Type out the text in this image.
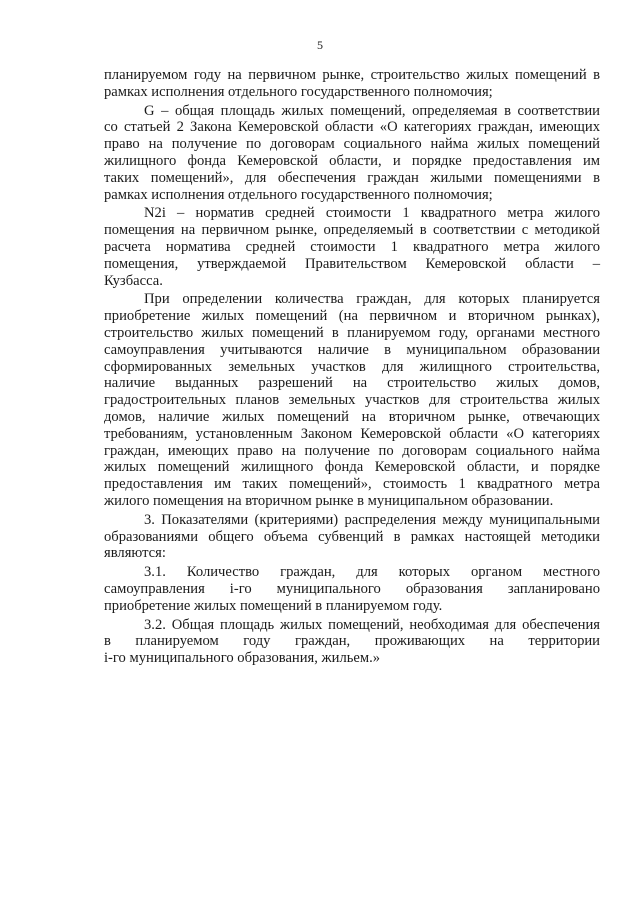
5

планируемом году на первичном рынке, строительство жилых помещений в
рамках исполнения отдельного государственного полномочия;

G – общая площадь жилых помещений, определяемая в соответствии
со статьей 2 Закона Кемеровской области «О категориях граждан, имеющих
право на получение по договорам социального найма жилых помещений
жилищного фонда Кемеровской области, и порядке предоставления им
таких помещений», для обеспечения граждан жилыми помещениями в
рамках исполнения отдельного государственного полномочия;

N2i – норматив средней стоимости 1 квадратного метра жилого
помещения на первичном рынке, определяемый в соответствии с методикой
расчета норматива средней стоимости 1 квадратного метра жилого
помещения, утверждаемой Правительством Кемеровской области –
Кузбасса.

При определении количества граждан, для которых планируется
приобретение жилых помещений (на первичном и вторичном рынках),
строительство жилых помещений в планируемом году, органами местного
самоуправления учитываются наличие в муниципальном образовании
сформированных земельных участков для жилищного строительства,
наличие выданных разрешений на строительство жилых домов,
градостроительных планов земельных участков для строительства жилых
домов, наличие жилых помещений на вторичном рынке, отвечающих
требованиям, установленным Законом Кемеровской области «О категориях
граждан, имеющих право на получение по договорам социального найма
жилых помещений жилищного фонда Кемеровской области, и порядке
предоставления им таких помещений», стоимость 1 квадратного метра
жилого помещения на вторичном рынке в муниципальном образовании.

3. Показателями (критериями) распределения между муниципальными
образованиями общего объема субвенций в рамках настоящей методики
являются:

3.1. Количество граждан, для которых органом местного
самоуправления i-го муниципального образования запланировано
приобретение жилых помещений в планируемом году.

3.2. Общая площадь жилых помещений, необходимая для обеспечения
в планируемом году граждан, проживающих на территории
i-го муниципального образования, жильем.»
